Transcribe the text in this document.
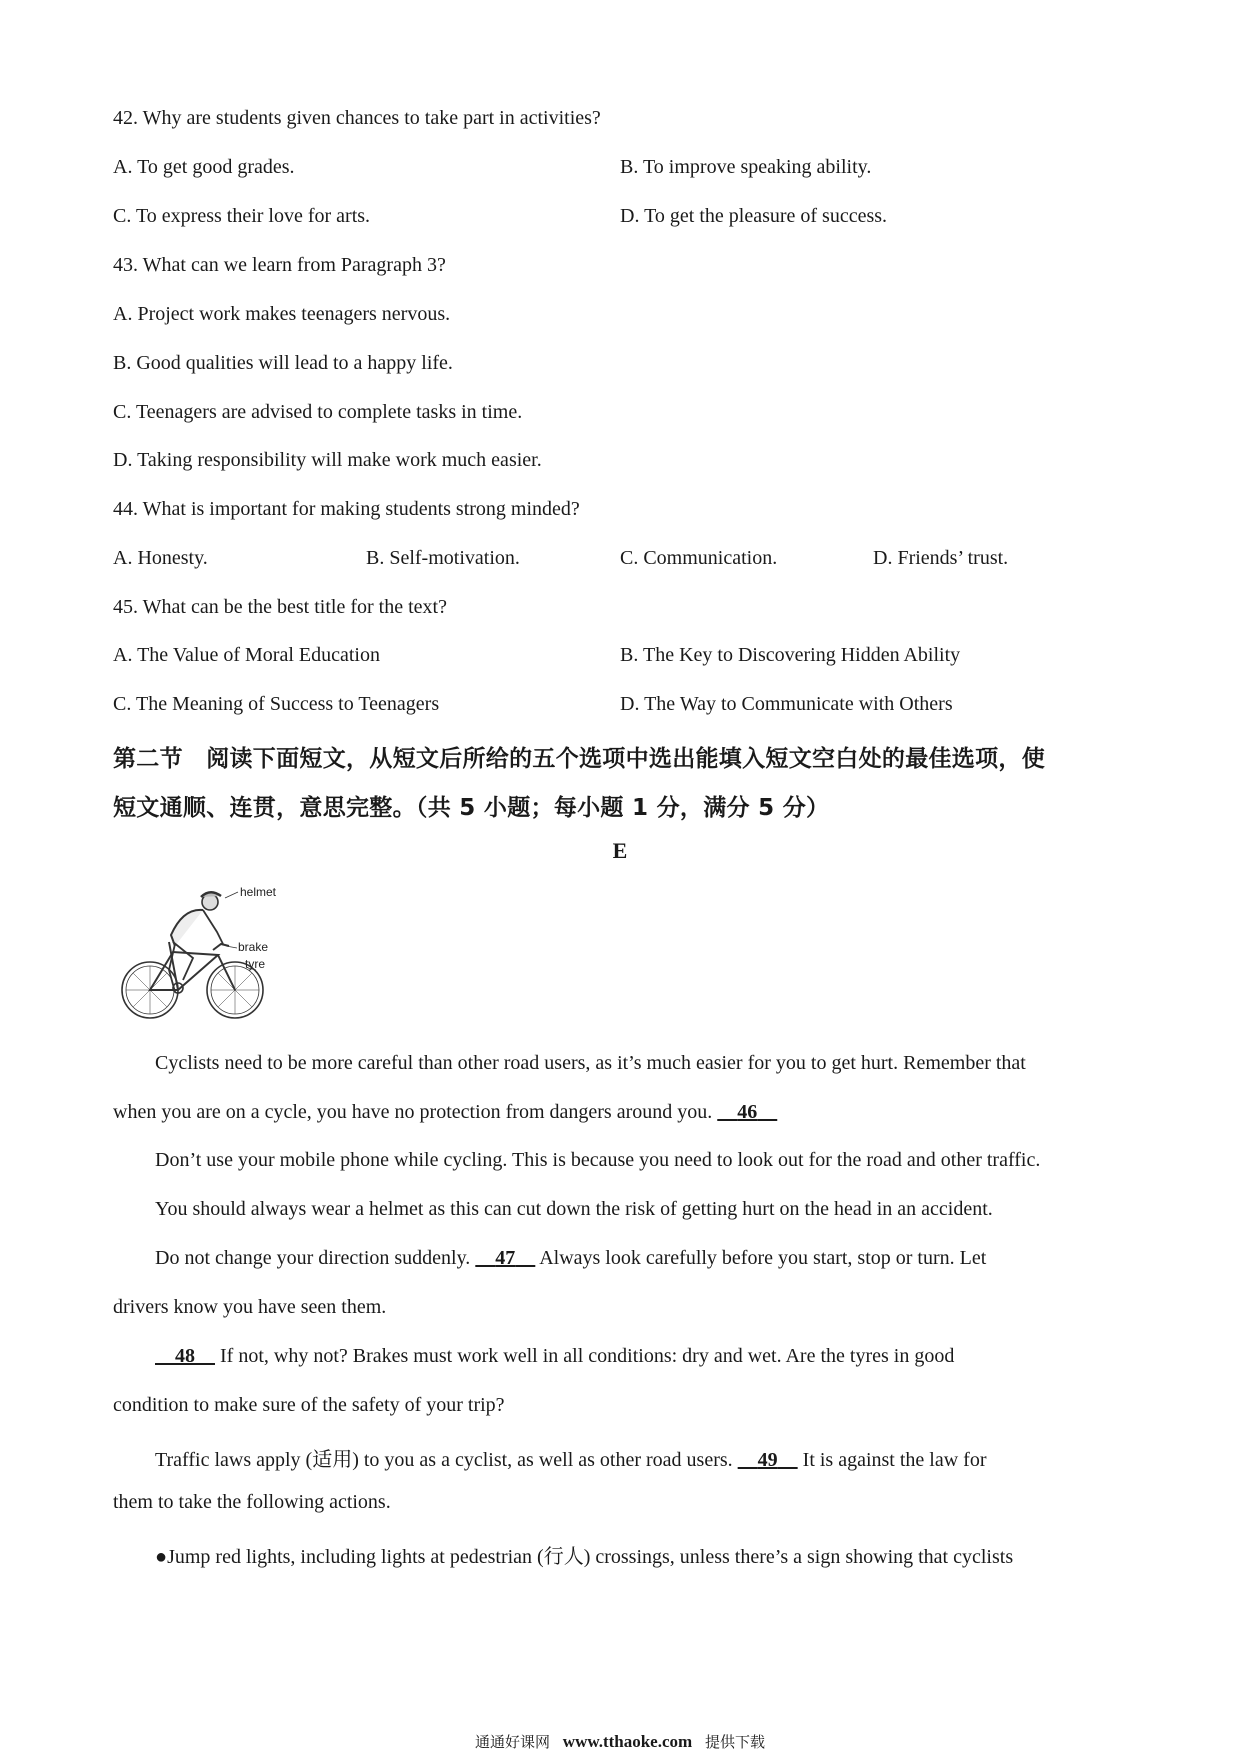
42. Why are students given chances to take part in activities?
A. To get good grades.	B. To improve speaking ability.
C. To express their love for arts.	D. To get the pleasure of success.
43. What can we learn from Paragraph 3?
A. Project work makes teenagers nervous.
B. Good qualities will lead to a happy life.
C. Teenagers are advised to complete tasks in time.
D. Taking responsibility will make work much easier.
44. What is important for making students strong minded?
A. Honesty.	B. Self-motivation.	C. Communication.	D. Friends’ trust.
45. What can be the best title for the text?
A. The Value of Moral Education	B. The Key to Discovering Hidden Ability
C. The Meaning of Success to Teenagers	D. The Way to Communicate with Others
第二节　阅读下面短文，从短文后所给的五个选项中选出能填入短文空白处的最佳选项，使
短文通顺、连贯，意思完整。（共 5 小题；每小题 1 分，满分 5 分）
E
helmet
brake
tyre
Cyclists need to be more careful than other road users, as it’s much easier for you to get hurt. Remember that
when you are on a cycle, you have no protection from dangers around you. 46
Don’t use your mobile phone while cycling. This is because you need to look out for the road and other traffic.
You should always wear a helmet as this can cut down the risk of getting hurt on the head in an accident.
Do not change your direction suddenly. 47 Always look carefully before you start, stop or turn. Let
drivers know you have seen them.
48 If not, why not? Brakes must work well in all conditions: dry and wet. Are the tyres in good
condition to make sure of the safety of your trip?
Traffic laws apply (适用) to you as a cyclist, as well as other road users. 49 It is against the law for
them to take the following actions.
●Jump red lights, including lights at pedestrian (行人) crossings, unless there’s a sign showing that cyclists
通通好课网 www.tthaoke.com 提供下载
